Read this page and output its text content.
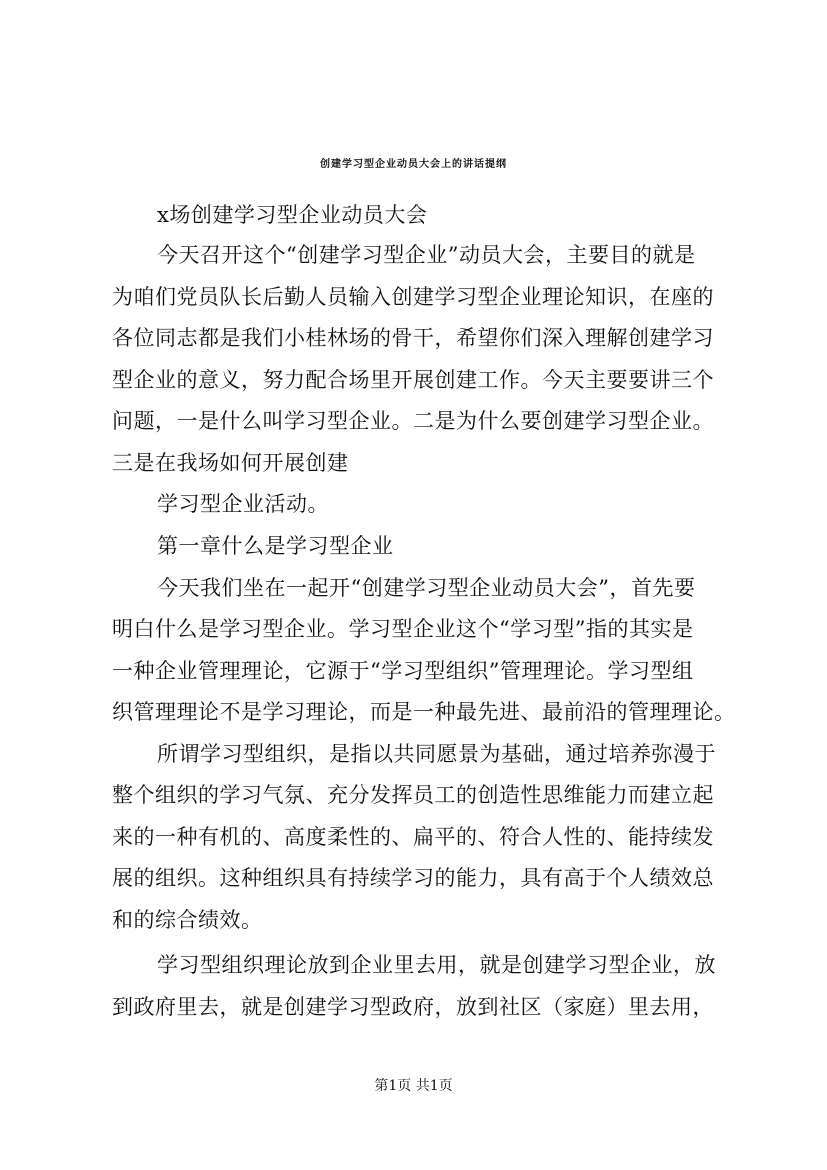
创建学习型企业动员大会上的讲话提纲
x场创建学习型企业动员大会
今天召开这个“创建学习型企业”动员大会，主要目的就是
为咱们党员队长后勤人员输入创建学习型企业理论知识，在座的
各位同志都是我们小桂林场的骨干，希望你们深入理解创建学习
型企业的意义，努力配合场里开展创建工作。今天主要要讲三个
问题，一是什么叫学习型企业。二是为什么要创建学习型企业。
三是在我场如何开展创建
学习型企业活动。
第一章什么是学习型企业
今天我们坐在一起开“创建学习型企业动员大会”，首先要
明白什么是学习型企业。学习型企业这个“学习型”指的其实是
一种企业管理理论，它源于“学习型组织”管理理论。学习型组
织管理理论不是学习理论，而是一种最先进、最前沿的管理理论。
所谓学习型组织，是指以共同愿景为基础，通过培养弥漫于
整个组织的学习气氛、充分发挥员工的创造性思维能力而建立起
来的一种有机的、高度柔性的、扁平的、符合人性的、能持续发
展的组织。这种组织具有持续学习的能力，具有高于个人绩效总
和的综合绩效。
学习型组织理论放到企业里去用，就是创建学习型企业，放
到政府里去，就是创建学习型政府，放到社区（家庭）里去用，
第1页 共1页
